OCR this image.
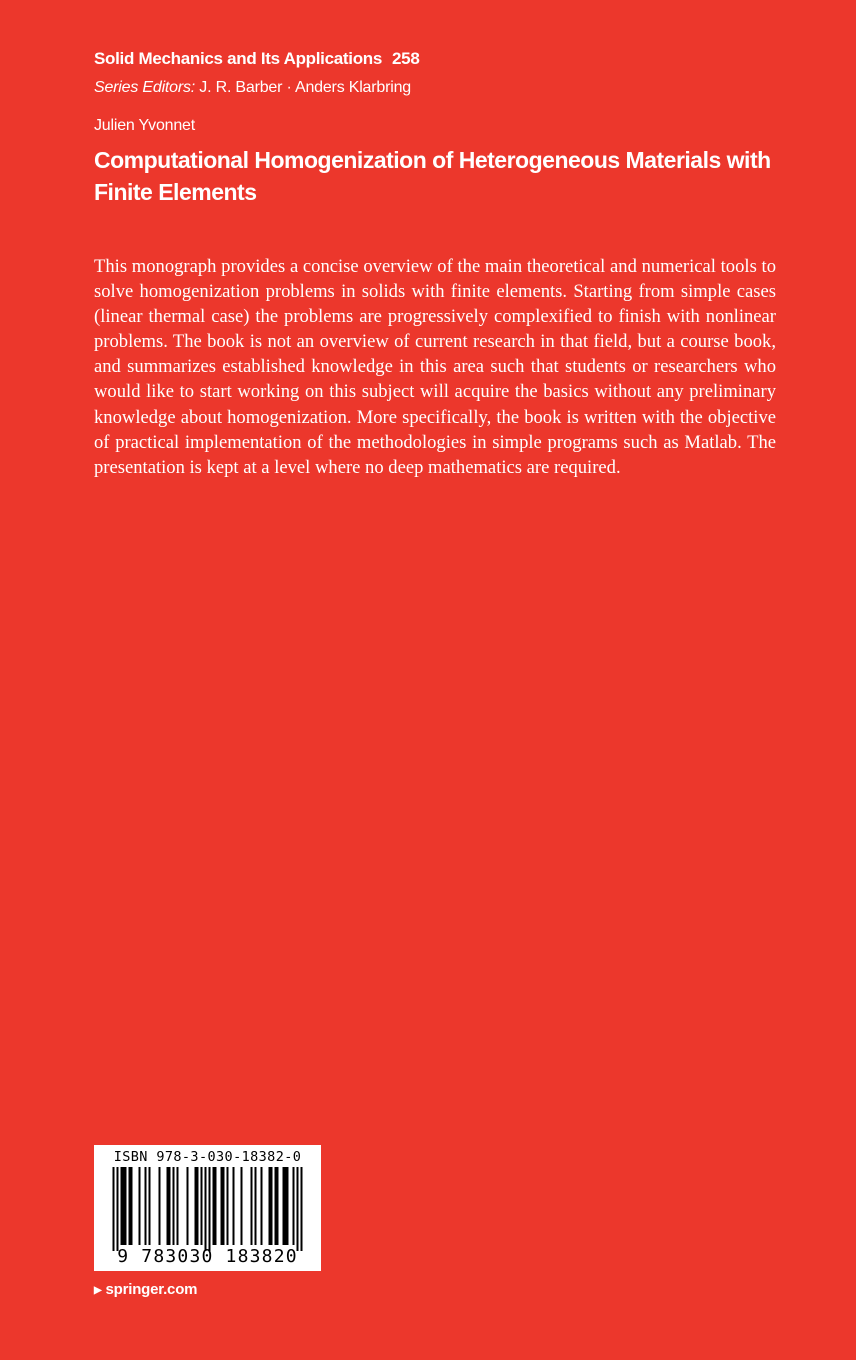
Solid Mechanics and Its Applications 258
Series Editors: J. R. Barber · Anders Klarbring
Julien Yvonnet
Computational Homogenization of Heterogeneous Materials with Finite Elements

This monograph provides a concise overview of the main theoretical and numerical tools to solve homogenization problems in solids with finite elements. Starting from simple cases (linear thermal case) the problems are progressively complexified to finish with nonlinear problems. The book is not an overview of current research in that field, but a course book, and summarizes established knowledge in this area such that students or researchers who would like to start working on this subject will acquire the basics without any preliminary knowledge about homogenization. More specifically, the book is written with the objective of practical implementation of the methodologies in simple programs such as Matlab. The presentation is kept at a level where no deep mathematics are required.

ISBN 978-3-030-18382-0
9 783030 183820
▶ springer.com
